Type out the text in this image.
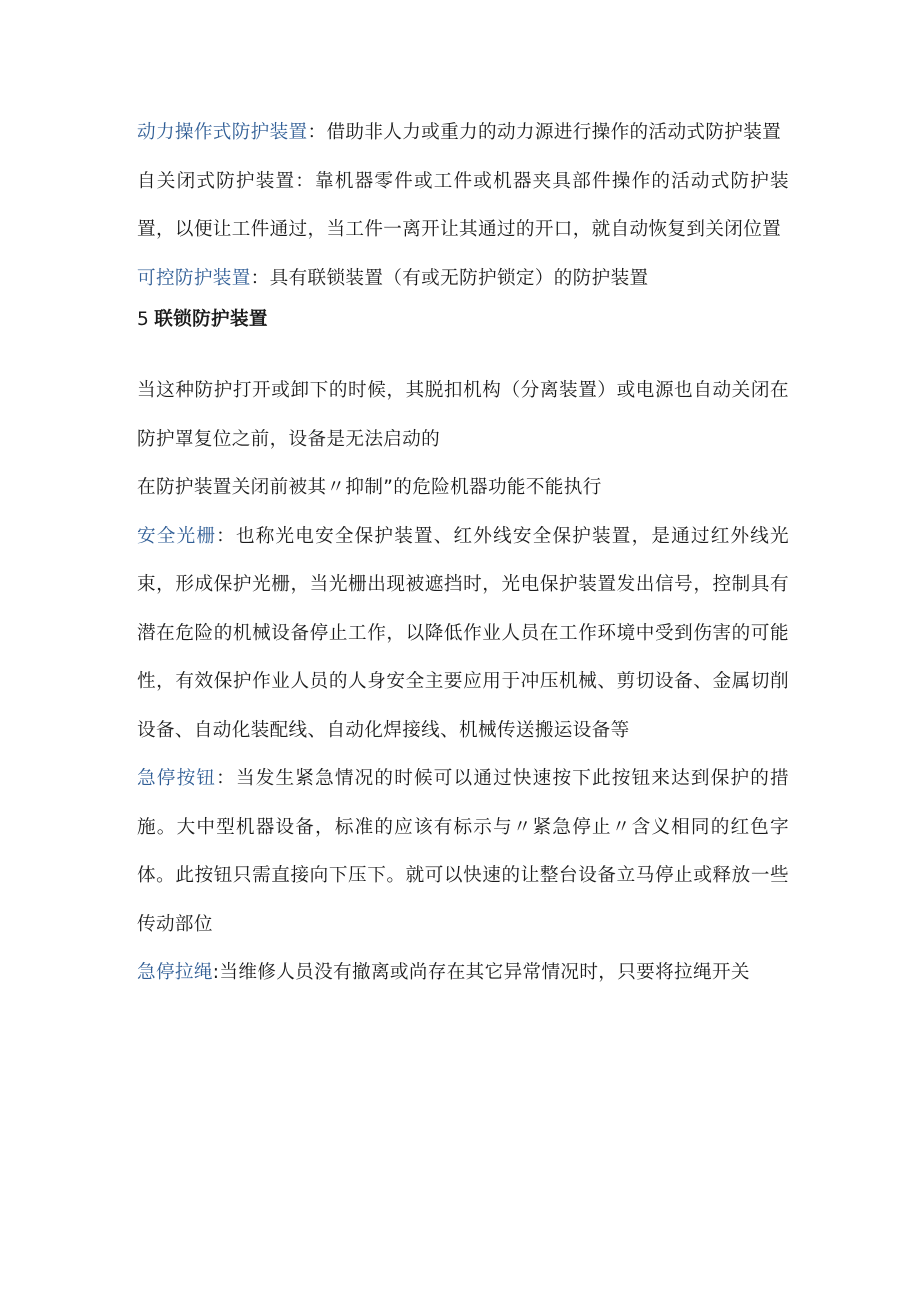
动力操作式防护装置：借助非人力或重力的动力源进行操作的活动式防护装置

自关闭式防护装置：靠机器零件或工件或机器夹具部件操作的活动式防护装置，以便让工件通过，当工件一离开让其通过的开口，就自动恢复到关闭位置

可控防护装置：具有联锁装置（有或无防护锁定）的防护装置

5 联锁防护装置

当这种防护打开或卸下的时候，其脱扣机构（分离装置）或电源也自动关闭在防护罩复位之前，设备是无法启动的

在防护装置关闭前被其〃抑制”的危险机器功能不能执行

安全光栅：也称光电安全保护装置、红外线安全保护装置，是通过红外线光束，形成保护光栅，当光栅出现被遮挡时，光电保护装置发出信号，控制具有潜在危险的机械设备停止工作，以降低作业人员在工作环境中受到伤害的可能性，有效保护作业人员的人身安全主要应用于冲压机械、剪切设备、金属切削设备、自动化装配线、自动化焊接线、机械传送搬运设备等

急停按钮：当发生紧急情况的时候可以通过快速按下此按钮来达到保护的措施。大中型机器设备，标准的应该有标示与〃紧急停止〃含义相同的红色字体。此按钮只需直接向下压下。就可以快速的让整台设备立马停止或释放一些传动部位

急停拉绳:当维修人员没有撤离或尚存在其它异常情况时，只要将拉绳开关
